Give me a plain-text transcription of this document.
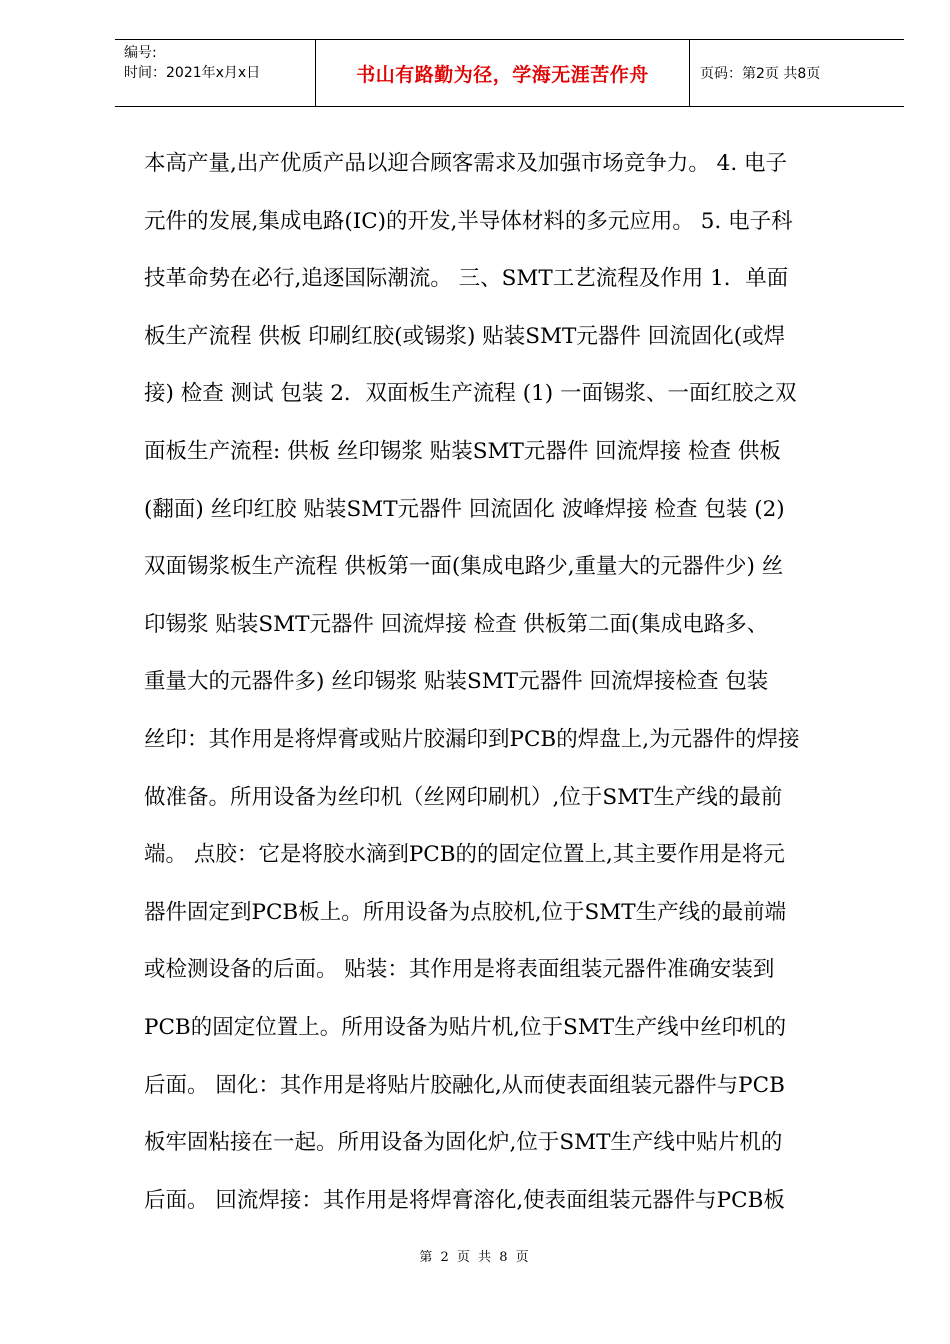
编号:
时间：2021年x月x日	书山有路勤为径，学海无涯苦作舟	页码：第2页 共8页
本高产量,出产优质产品以迎合顾客需求及加强市场竞争力。 4. 电子
元件的发展,集成电路(IC)的开发,半导体材料的多元应用。 5. 电子科
技革命势在必行,追逐国际潮流。 三、SMT工艺流程及作用 1．单面
板生产流程 供板 印刷红胶(或锡浆) 贴装SMT元器件 回流固化(或焊
接) 检查 测试 包装 2．双面板生产流程 (1) 一面锡浆、一面红胶之双
面板生产流程: 供板 丝印锡浆 贴装SMT元器件 回流焊接 检查 供板
(翻面) 丝印红胶 贴装SMT元器件 回流固化 波峰焊接 检查 包装 (2)
双面锡浆板生产流程 供板第一面(集成电路少,重量大的元器件少) 丝
印锡浆 贴装SMT元器件 回流焊接 检查 供板第二面(集成电路多、
重量大的元器件多) 丝印锡浆 贴装SMT元器件 回流焊接检查 包装
丝印：其作用是将焊膏或贴片胶漏印到PCB的焊盘上,为元器件的焊接
做准备。所用设备为丝印机（丝网印刷机）,位于SMT生产线的最前
端。 点胶：它是将胶水滴到PCB的的固定位置上,其主要作用是将元
器件固定到PCB板上。所用设备为点胶机,位于SMT生产线的最前端
或检测设备的后面。 贴装：其作用是将表面组装元器件准确安装到
PCB的固定位置上。所用设备为贴片机,位于SMT生产线中丝印机的
后面。 固化：其作用是将贴片胶融化,从而使表面组装元器件与PCB
板牢固粘接在一起。所用设备为固化炉,位于SMT生产线中贴片机的
后面。 回流焊接：其作用是将焊膏溶化,使表面组装元器件与PCB板
第 2 页 共 8 页
